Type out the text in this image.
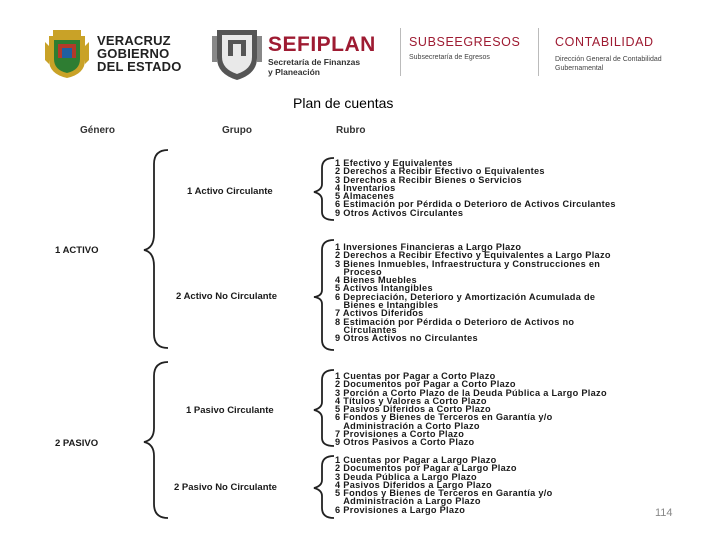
VERACRUZ
GOBIERNO
DEL ESTADO
SEFIPLAN
Secretaría de Finanzas
y Planeación
SUBSEEGRESOS
Subsecretaría de Egresos
CONTABILIDAD
Dirección General de Contabilidad
Gubernamental
Plan de cuentas
Género	Grupo	Rubro
1 ACTIVO
2 PASIVO
1 Activo Circulante
2 Activo No Circulante
1 Pasivo Circulante
2 Pasivo No Circulante
1 Efectivo y Equivalentes
2 Derechos a Recibir Efectivo o Equivalentes
3 Derechos a Recibir Bienes o Servicios
4 Inventarios
5 Almacenes
6 Estimación por Pérdida o Deterioro de Activos Circulantes
9 Otros Activos Circulantes
1 Inversiones Financieras a Largo Plazo
2 Derechos a Recibir Efectivo y Equivalentes a Largo Plazo
3 Bienes Inmuebles, Infraestructura y Construcciones en
Proceso
4 Bienes Muebles
5 Activos Intangibles
6 Depreciación, Deterioro y Amortización Acumulada de
Bienes e Intangibles
7 Activos Diferidos
8 Estimación por Pérdida o Deterioro de Activos no
Circulantes
9 Otros Activos no Circulantes
1 Cuentas por Pagar a Corto Plazo
2 Documentos por Pagar a Corto Plazo
3 Porción a Corto Plazo de la Deuda Pública a Largo Plazo
4 Títulos y Valores a Corto Plazo
5 Pasivos Diferidos a Corto Plazo
6 Fondos y Bienes de Terceros en Garantía y/o
Administración a Corto Plazo
7 Provisiones a Corto Plazo
9 Otros Pasivos a Corto Plazo
1 Cuentas por Pagar a Largo Plazo
2 Documentos por Pagar a Largo Plazo
3 Deuda Pública a Largo Plazo
4 Pasivos Diferidos a Largo Plazo
5 Fondos y Bienes de Terceros en Garantía y/o
Administración a Largo Plazo
6 Provisiones a Largo Plazo	114
